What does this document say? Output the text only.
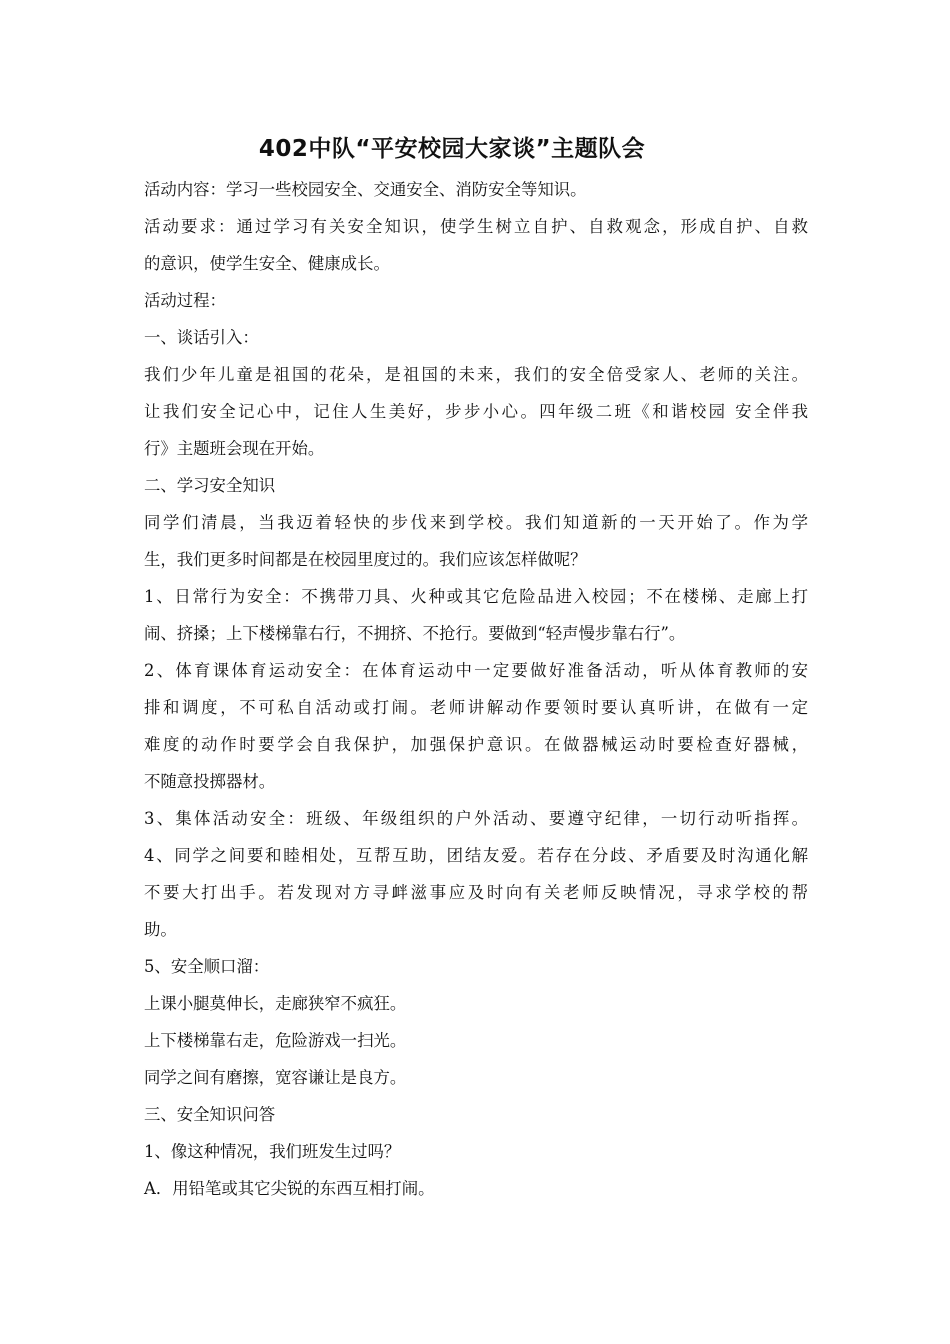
402中队“平安校园大家谈”主题队会
活动内容：学习一些校园安全、交通安全、消防安全等知识。
活动要求：通过学习有关安全知识，使学生树立自护、自救观念，形成自护、自救
的意识，使学生安全、健康成长。
活动过程：
一、谈话引入：
我们少年儿童是祖国的花朵，是祖国的未来，我们的安全倍受家人、老师的关注。
让我们安全记心中，记住人生美好，步步小心。四年级二班《和谐校园 安全伴我
行》主题班会现在开始。
二、学习安全知识
同学们清晨，当我迈着轻快的步伐来到学校。我们知道新的一天开始了。作为学
生，我们更多时间都是在校园里度过的。我们应该怎样做呢？
1、日常行为安全：不携带刀具、火种或其它危险品进入校园；不在楼梯、走廊上打
闹、挤搡；上下楼梯靠右行，不拥挤、不抢行。要做到“轻声慢步靠右行”。
2、体育课体育运动安全：在体育运动中一定要做好准备活动，听从体育教师的安
排和调度，不可私自活动或打闹。老师讲解动作要领时要认真听讲，在做有一定
难度的动作时要学会自我保护，加强保护意识。在做器械运动时要检查好器械，
不随意投掷器材。
3、集体活动安全：班级、年级组织的户外活动、要遵守纪律，一切行动听指挥。
4、同学之间要和睦相处，互帮互助，团结友爱。若存在分歧、矛盾要及时沟通化解
不要大打出手。若发现对方寻衅滋事应及时向有关老师反映情况，寻求学校的帮
助。
5、安全顺口溜：
上课小腿莫伸长，走廊狭窄不疯狂。
上下楼梯靠右走，危险游戏一扫光。
同学之间有磨擦，宽容谦让是良方。
三、安全知识问答
1、像这种情况，我们班发生过吗？
A．用铅笔或其它尖锐的东西互相打闹。
